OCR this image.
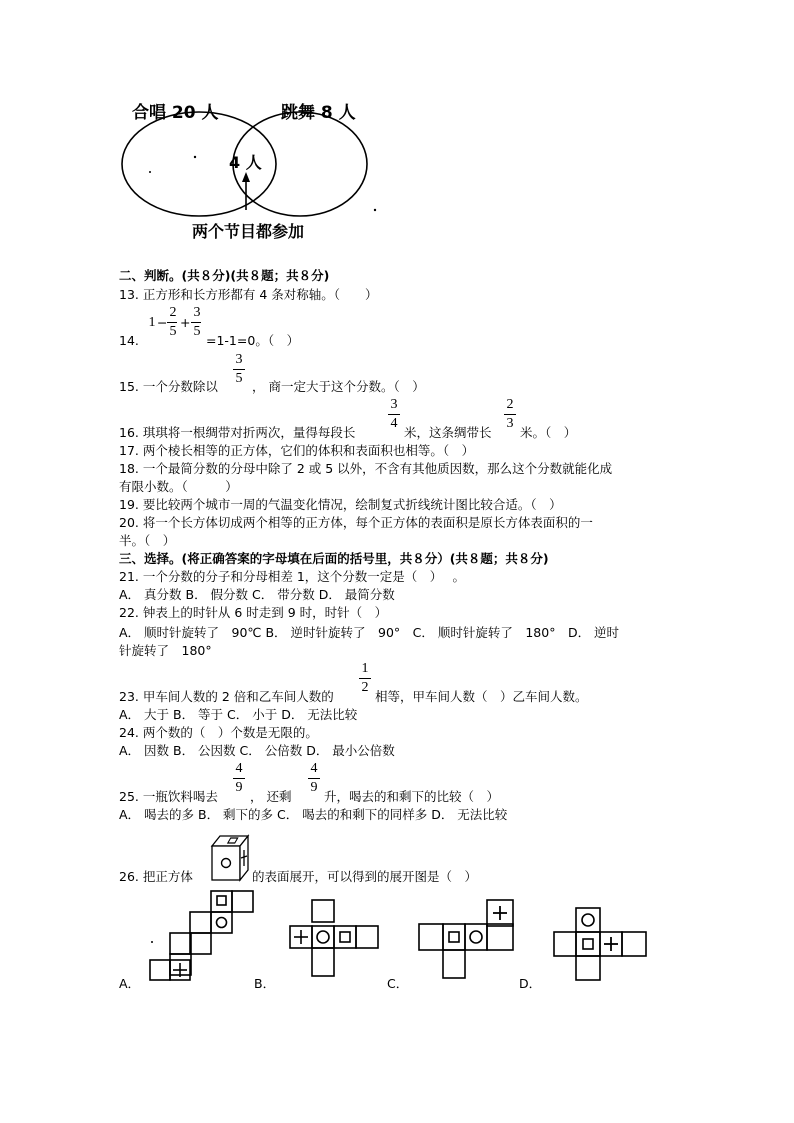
合唱 20 人	跳舞 8 人
4 人
两个节目都参加
二、判断。(共８分)(共８题；共８分)
13. 正方形和长方形都有 4 条对称轴。（　　）
14.
1 −
2
5
+
3
5
=1-1=0。（　）
15. 一个分数除以
3
5
， 商一定大于这个分数。（　）
16. 琪琪将一根绸带对折两次，量得每段长
3
4
米，这条绸带长
2
3
米。（　）
17. 两个棱长相等的正方体，它们的体积和表面积也相等。（　）
18. 一个最简分数的分母中除了 2 或 5 以外，不含有其他质因数，那么这个分数就能化成
有限小数。（　　　）
19. 要比较两个城市一周的气温变化情况，绘制复式折线统计图比较合适。（　）
20. 将一个长方体切成两个相等的正方体，每个正方体的表面积是原长方体表面积的一
半。（　）
三、选择。(将正确答案的字母填在后面的括号里，共８分）(共８题；共８分)
21. 一个分数的分子和分母相差 1，这个分数一定是（　）　 。
A． 真分数 B． 假分数 C． 带分数 D． 最简分数
22. 钟表上的时针从 6 时走到 9 时，时针（　）
A． 顺时针旋转了　90℃ B． 逆时针旋转了　90°　C． 顺时针旋转了　180°　D． 逆时
针旋转了　180°
23. 甲车间人数的 2 倍和乙车间人数的
1
2
相等，甲车间人数（　）乙车间人数。
A． 大于 B． 等于 C． 小于 D． 无法比较
24. 两个数的（　）个数是无限的。
A． 因数 B． 公因数 C． 公倍数 D． 最小公倍数
25. 一瓶饮料喝去
4
9
， 还剩
4
9
升，喝去的和剩下的比较（　）
A． 喝去的多 B． 剩下的多 C． 喝去的和剩下的同样多 D． 无法比较
26. 把正方体	的表面展开，可以得到的展开图是（　）
A．	B．	C．	D．
